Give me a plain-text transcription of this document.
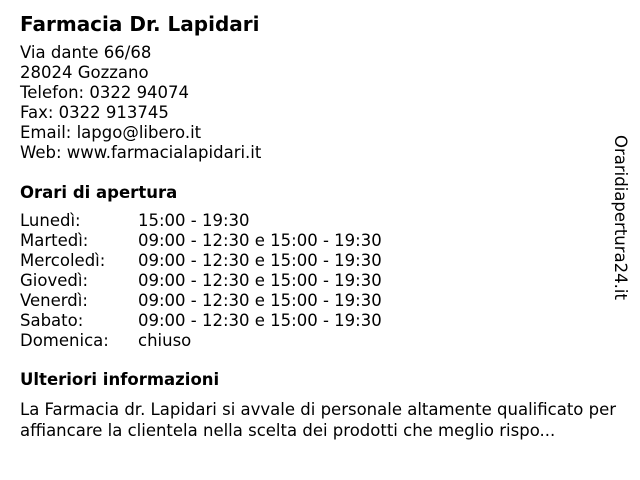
Farmacia Dr. Lapidari
Via dante 66/68
28024 Gozzano
Telefon: 0322 94074
Fax: 0322 913745
Email: lapgo@libero.it
Web: www.farmacialapidari.it
Orari di apertura
Lunedì:	15:00 - 19:30
Martedì:	09:00 - 12:30 e 15:00 - 19:30
Mercoledì: 09:00 - 12:30 e 15:00 - 19:30
Giovedì:	09:00 - 12:30 e 15:00 - 19:30
Venerdì:	09:00 - 12:30 e 15:00 - 19:30
Sabato:	09:00 - 12:30 e 15:00 - 19:30
Domenica: chiuso
Ulteriori informazioni
La Farmacia dr. Lapidari si avvale di personale altamente qualificato per affiancare la clientela nella scelta dei prodotti che meglio rispo...
Oraridiapertura24.it
